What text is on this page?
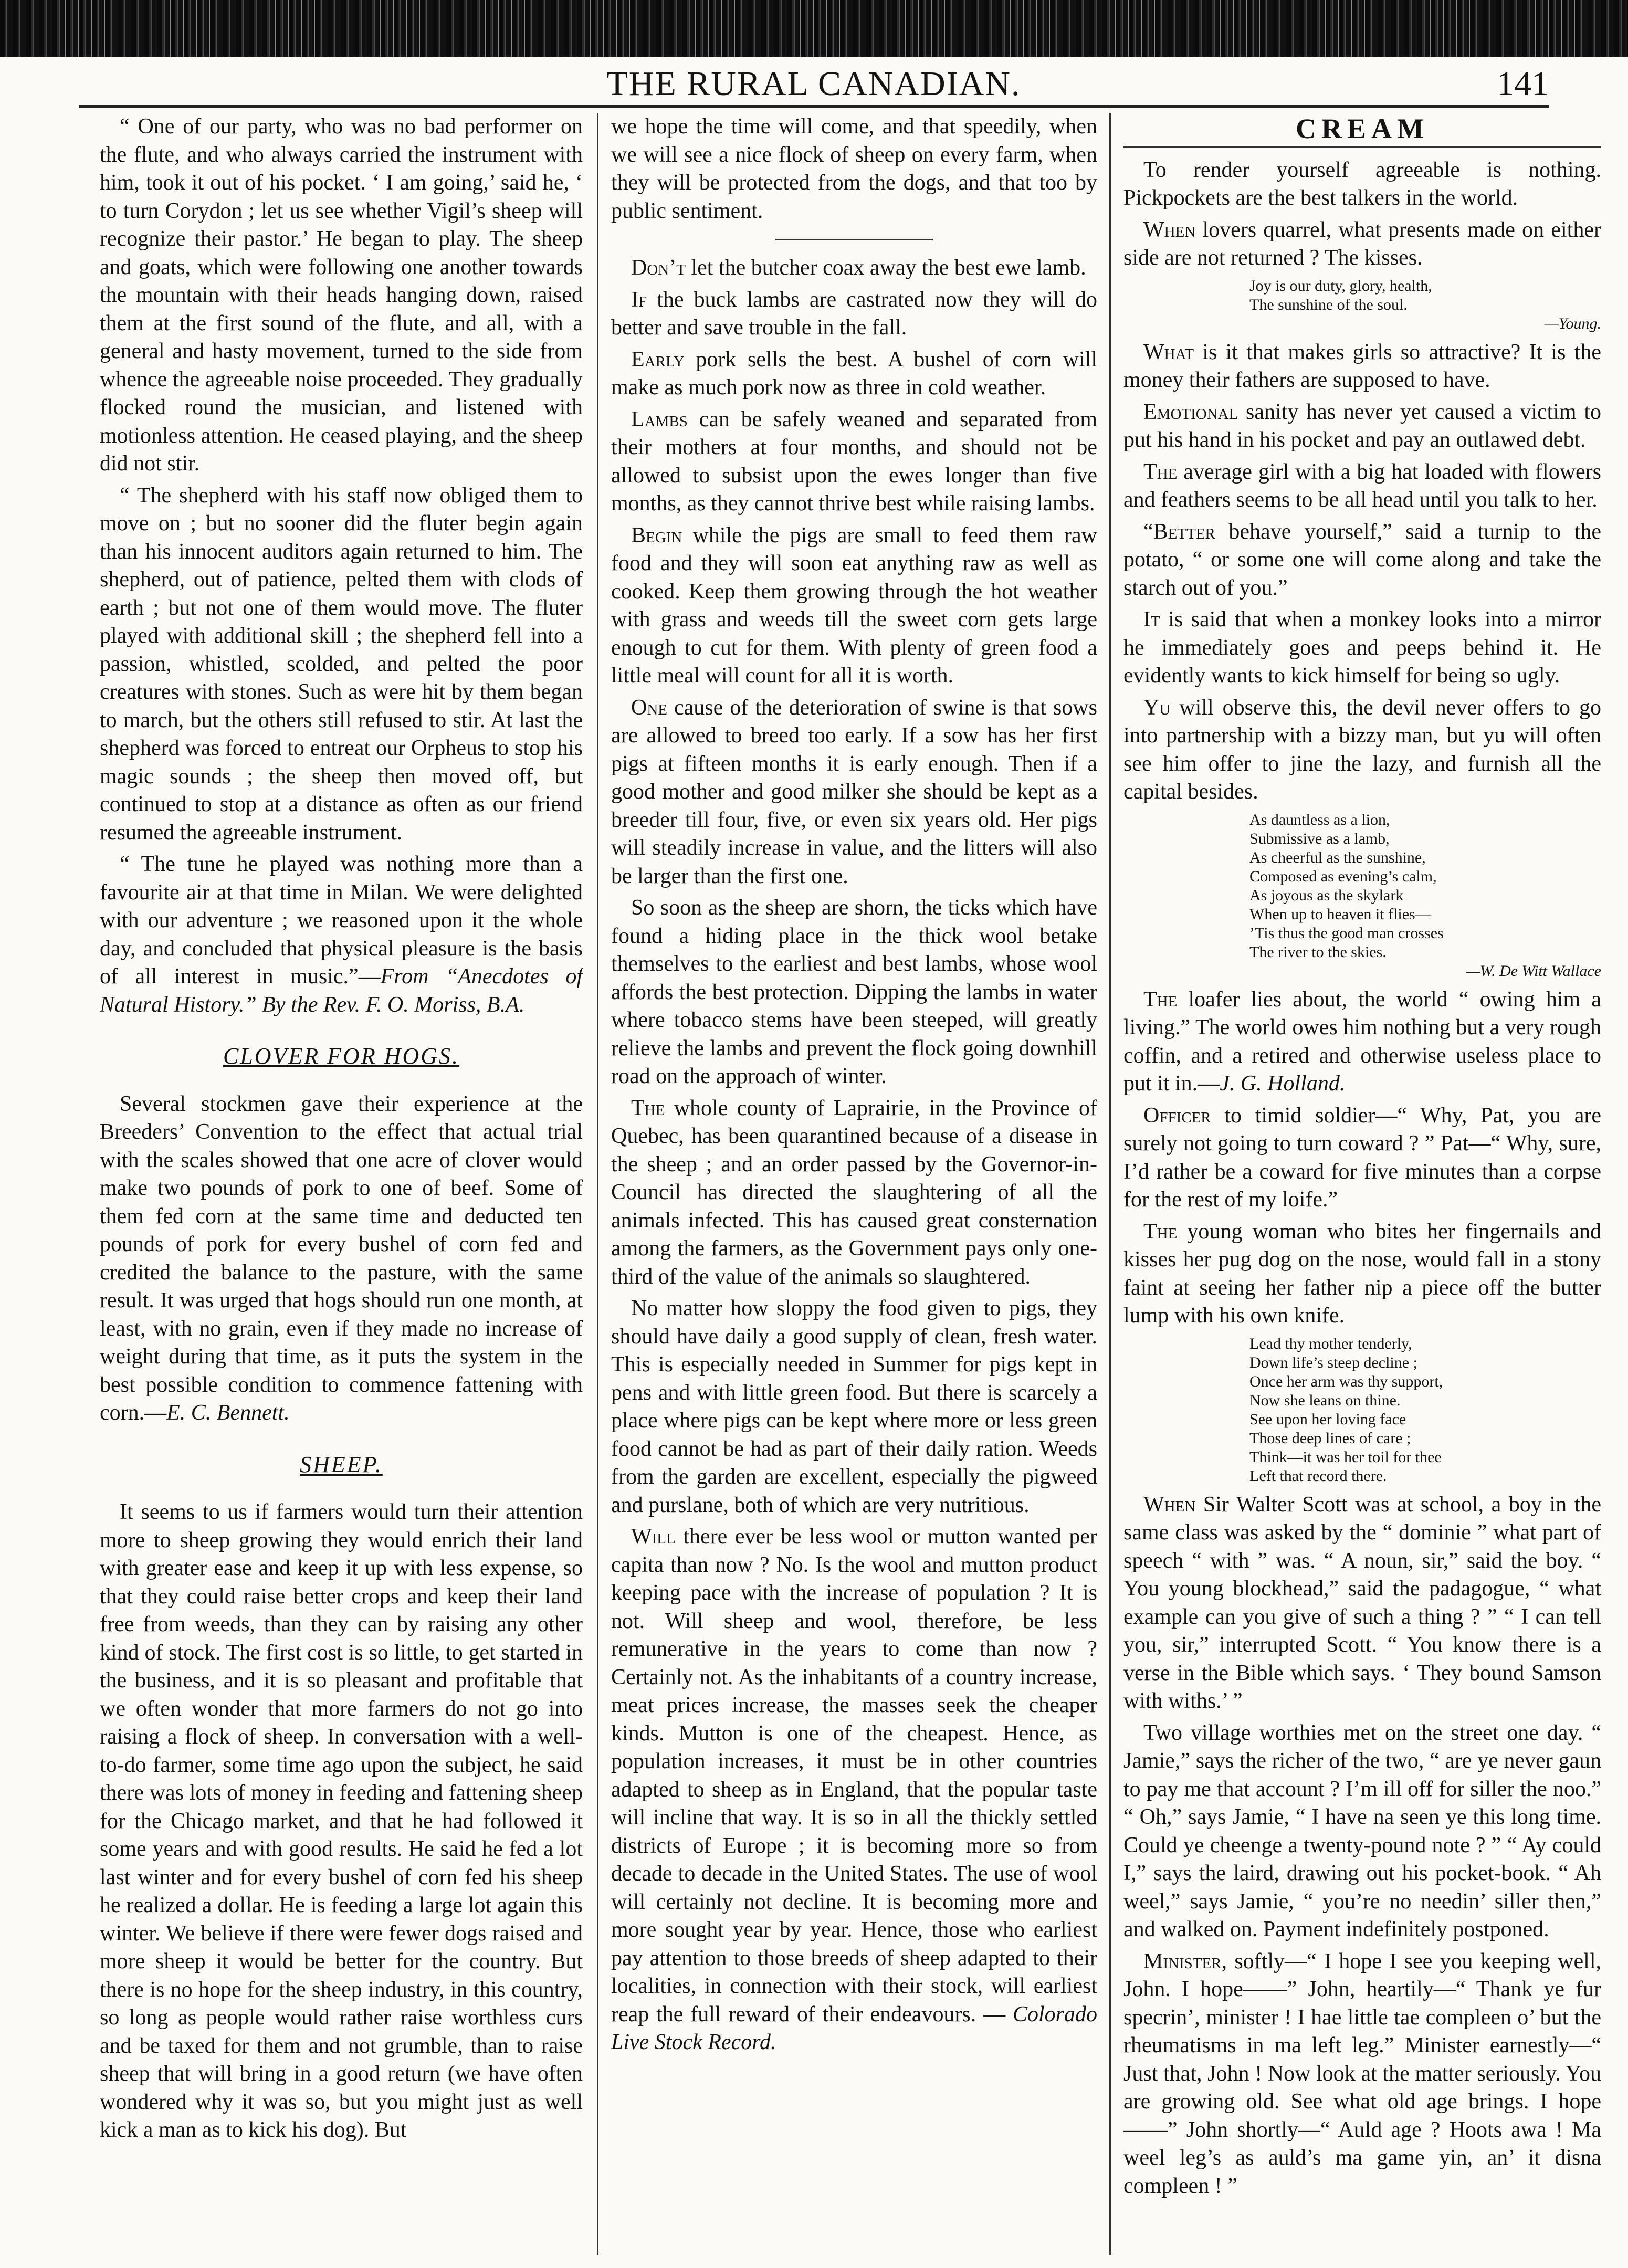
THE RURAL CANADIAN.	141

“ One of our party, who was no bad performer on the flute, and who always carried the instrument with him, took it out of his pocket. ‘ I am going,’ said he, ‘ to turn Corydon ; let us see whether Vigil’s sheep will recognize their pastor.’ He began to play. The sheep and goats, which were following one another towards the mountain with their heads hanging down, raised them at the first sound of the flute, and all, with a general and hasty movement, turned to the side from whence the agreeable noise proceeded. They gradually flocked round the musician, and listened with motionless attention. He ceased playing, and the sheep did not stir.

“ The shepherd with his staff now obliged them to move on ; but no sooner did the fluter begin again than his innocent auditors again returned to him. The shepherd, out of patience, pelted them with clods of earth ; but not one of them would move. The fluter played with additional skill ; the shepherd fell into a passion, whistled, scolded, and pelted the poor creatures with stones. Such as were hit by them began to march, but the others still refused to stir. At last the shepherd was forced to entreat our Orpheus to stop his magic sounds ; the sheep then moved off, but continued to stop at a distance as often as our friend resumed the agreeable instrument.

“ The tune he played was nothing more than a favourite air at that time in Milan. We were delighted with our adventure ; we reasoned upon it the whole day, and concluded that physical pleasure is the basis of all interest in music.”—From “Anecdotes of Natural History.” By the Rev. F. O. Moriss, B.A.

CLOVER FOR HOGS.

Several stockmen gave their experience at the Breeders’ Convention to the effect that actual trial with the scales showed that one acre of clover would make two pounds of pork to one of beef. Some of them fed corn at the same time and deducted ten pounds of pork for every bushel of corn fed and credited the balance to the pasture, with the same result. It was urged that hogs should run one month, at least, with no grain, even if they made no increase of weight during that time, as it puts the system in the best possible condition to commence fattening with corn.—E. C. Bennett.

SHEEP.

It seems to us if farmers would turn their attention more to sheep growing they would enrich their land with greater ease and keep it up with less expense, so that they could raise better crops and keep their land free from weeds, than they can by raising any other kind of stock. The first cost is so little, to get started in the business, and it is so pleasant and profitable that we often wonder that more farmers do not go into raising a flock of sheep. In conversation with a well-to-do farmer, some time ago upon the subject, he said there was lots of money in feeding and fattening sheep for the Chicago market, and that he had followed it some years and with good results. He said he fed a lot last winter and for every bushel of corn fed his sheep he realized a dollar. He is feeding a large lot again this winter. We believe if there were fewer dogs raised and more sheep it would be better for the country. But there is no hope for the sheep industry, in this country, so long as people would rather raise worthless curs and be taxed for them and not grumble, than to raise sheep that will bring in a good return (we have often wondered why it was so, but you might just as well kick a man as to kick his dog). But

we hope the time will come, and that speedily, when we will see a nice flock of sheep on every farm, when they will be protected from the dogs, and that too by public sentiment.

Don’t let the butcher coax away the best ewe lamb.

If the buck lambs are castrated now they will do better and save trouble in the fall.

Early pork sells the best. A bushel of corn will make as much pork now as three in cold weather.

Lambs can be safely weaned and separated from their mothers at four months, and should not be allowed to subsist upon the ewes longer than five months, as they cannot thrive best while raising lambs.

Begin while the pigs are small to feed them raw food and they will soon eat anything raw as well as cooked. Keep them growing through the hot weather with grass and weeds till the sweet corn gets large enough to cut for them. With plenty of green food a little meal will count for all it is worth.

One cause of the deterioration of swine is that sows are allowed to breed too early. If a sow has her first pigs at fifteen months it is early enough. Then if a good mother and good milker she should be kept as a breeder till four, five, or even six years old. Her pigs will steadily increase in value, and the litters will also be larger than the first one.

So soon as the sheep are shorn, the ticks which have found a hiding place in the thick wool betake themselves to the earliest and best lambs, whose wool affords the best protection. Dipping the lambs in water where tobacco stems have been steeped, will greatly relieve the lambs and prevent the flock going downhill road on the approach of winter.

The whole county of Laprairie, in the Province of Quebec, has been quarantined because of a disease in the sheep ; and an order passed by the Governor-in-Council has directed the slaughtering of all the animals infected. This has caused great consternation among the farmers, as the Government pays only one-third of the value of the animals so slaughtered.

No matter how sloppy the food given to pigs, they should have daily a good supply of clean, fresh water. This is especially needed in Summer for pigs kept in pens and with little green food. But there is scarcely a place where pigs can be kept where more or less green food cannot be had as part of their daily ration. Weeds from the garden are excellent, especially the pigweed and purslane, both of which are very nutritious.

Will there ever be less wool or mutton wanted per capita than now ? No. Is the wool and mutton product keeping pace with the increase of population ? It is not. Will sheep and wool, therefore, be less remunerative in the years to come than now ? Certainly not. As the inhabitants of a country increase, meat prices increase, the masses seek the cheaper kinds. Mutton is one of the cheapest. Hence, as population increases, it must be in other countries adapted to sheep as in England, that the popular taste will incline that way. It is so in all the thickly settled districts of Europe ; it is becoming more so from decade to decade in the United States. The use of wool will certainly not decline. It is becoming more and more sought year by year. Hence, those who earliest pay attention to those breeds of sheep adapted to their localities, in connection with their stock, will earliest reap the full reward of their endeavours. — Colorado Live Stock Record.

CREAM

To render yourself agreeable is nothing. Pickpockets are the best talkers in the world.

When lovers quarrel, what presents made on either side are not returned ? The kisses.

Joy is our duty, glory, health,
The sunshine of the soul.
—Young.

What is it that makes girls so attractive? It is the money their fathers are supposed to have.

Emotional sanity has never yet caused a victim to put his hand in his pocket and pay an outlawed debt.

The average girl with a big hat loaded with flowers and feathers seems to be all head until you talk to her.

“Better behave yourself,” said a turnip to the potato, “ or some one will come along and take the starch out of you.”

It is said that when a monkey looks into a mirror he immediately goes and peeps behind it. He evidently wants to kick himself for being so ugly.

Yu will observe this, the devil never offers to go into partnership with a bizzy man, but yu will often see him offer to jine the lazy, and furnish all the capital besides.

As dauntless as a lion,
Submissive as a lamb,
As cheerful as the sunshine,
Composed as evening’s calm,
As joyous as the skylark
When up to heaven it flies—
’Tis thus the good man crosses
The river to the skies.
—W. De Witt Wallace

The loafer lies about, the world “ owing him a living.” The world owes him nothing but a very rough coffin, and a retired and otherwise useless place to put it in.—J. G. Holland.

Officer to timid soldier—“ Why, Pat, you are surely not going to turn coward ? ” Pat—“ Why, sure, I’d rather be a coward for five minutes than a corpse for the rest of my loife.”

The young woman who bites her fingernails and kisses her pug dog on the nose, would fall in a stony faint at seeing her father nip a piece off the butter lump with his own knife.

Lead thy mother tenderly,
Down life’s steep decline ;
Once her arm was thy support,
Now she leans on thine.
See upon her loving face
Those deep lines of care ;
Think—it was her toil for thee
Left that record there.

When Sir Walter Scott was at school, a boy in the same class was asked by the “ dominie ” what part of speech “ with ” was. “ A noun, sir,” said the boy. “ You young blockhead,” said the padagogue, “ what example can you give of such a thing ? ” “ I can tell you, sir,” interrupted Scott. “ You know there is a verse in the Bible which says. ‘ They bound Samson with withs.’ ”

Two village worthies met on the street one day. “ Jamie,” says the richer of the two, “ are ye never gaun to pay me that account ? I’m ill off for siller the noo.” “ Oh,” says Jamie, “ I have na seen ye this long time. Could ye cheenge a twenty-pound note ? ” “ Ay could I,” says the laird, drawing out his pocket-book. “ Ah weel,” says Jamie, “ you’re no needin’ siller then,” and walked on. Payment indefinitely postponed.

Minister, softly—“ I hope I see you keeping well, John. I hope——” John, heartily—“ Thank ye fur specrin’, minister ! I hae little tae compleen o’ but the rheumatisms in ma left leg.” Minister earnestly—“ Just that, John ! Now look at the matter seriously. You are growing old. See what old age brings. I hope——” John shortly—“ Auld age ? Hoots awa ! Ma weel leg’s as auld’s ma game yin, an’ it disna compleen ! ”
